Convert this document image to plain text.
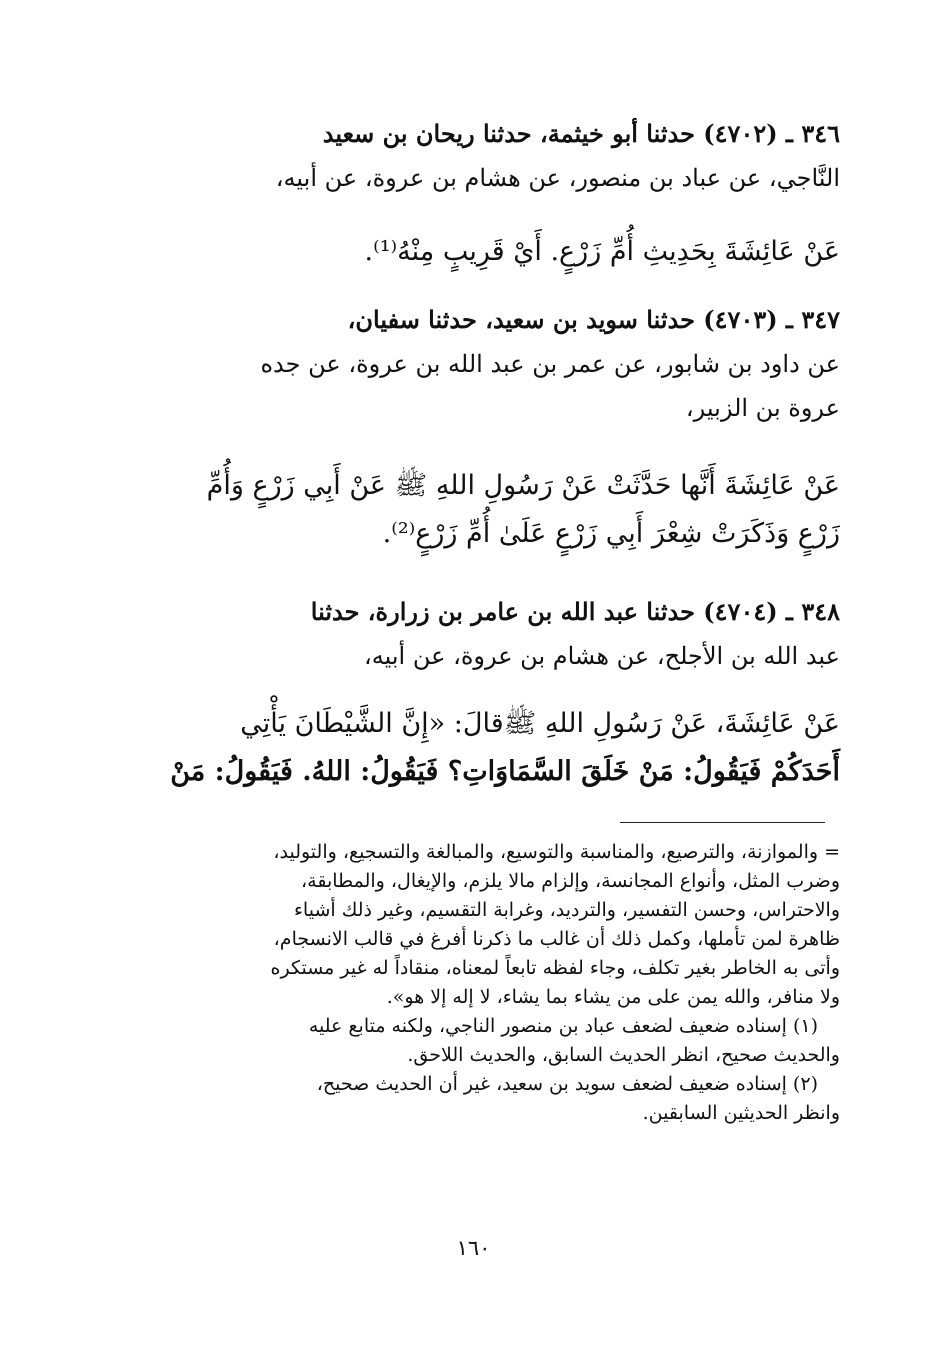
٣٤٦ ـ (٤٧٠٢) حدثنا أبو خيثمة، حدثنا ريحان بن سعيد
النَّاجي، عن عباد بن منصور، عن هشام بن عروة، عن أبيه،
عَنْ عَائِشَةَ بِحَدِيثِ أُمِّ زَرْعٍ. أَيْ قَرِيبٍ مِنْهُ⁽¹⁾.
٣٤٧ ـ (٤٧٠٣) حدثنا سويد بن سعيد، حدثنا سفيان،
عن داود بن شابور، عن عمر بن عبد الله بن عروة، عن جده
عروة بن الزبير،
عَنْ عَائِشَةَ أَنَّها حَدَّثَتْ عَنْ رَسُولِ اللهِ ﷺ عَنْ أَبِي زَرْعٍ وَأُمِّ
زَرْعٍ وَذَكَرَتْ شِعْرَ أَبِي زَرْعٍ عَلَىٰ أُمِّ زَرْعٍ⁽²⁾.
٣٤٨ ـ (٤٧٠٤) حدثنا عبد الله بن عامر بن زرارة، حدثنا
عبد الله بن الأجلح، عن هشام بن عروة، عن أبيه،
عَنْ عَائِشَةَ، عَنْ رَسُولِ اللهِ ﷺقالَ: «إِنَّ الشَّيْطَانَ يَأْتِي
أَحَدَكُمْ فَيَقُولُ: مَنْ خَلَقَ السَّمَاوَاتِ؟ فَيَقُولُ: اللهُ. فَيَقُولُ: مَنْ
= والموازنة، والترصيع، والمناسبة والتوسيع، والمبالغة والتسجيع، والتوليد،
وضرب المثل، وأنواع المجانسة، وإلزام مالا يلزم، والإيغال، والمطابقة،
والاحتراس، وحسن التفسير، والترديد، وغرابة التقسيم، وغير ذلك أشياء
ظاهرة لمن تأملها، وكمل ذلك أن غالب ما ذكرنا أفرغ في قالب الانسجام،
وأتى به الخاطر بغير تكلف، وجاء لفظه تابعاً لمعناه، منقاداً له غير مستكره
ولا منافر، والله يمن على من يشاء بما يشاء، لا إله إلا هو».
(١) إسناده ضعيف لضعف عباد بن منصور الناجي، ولكنه متابع عليه
والحديث صحيح، انظر الحديث السابق، والحديث اللاحق.
(٢) إسناده ضعيف لضعف سويد بن سعيد، غير أن الحديث صحيح،
وانظر الحديثين السابقين.
١٦٠
